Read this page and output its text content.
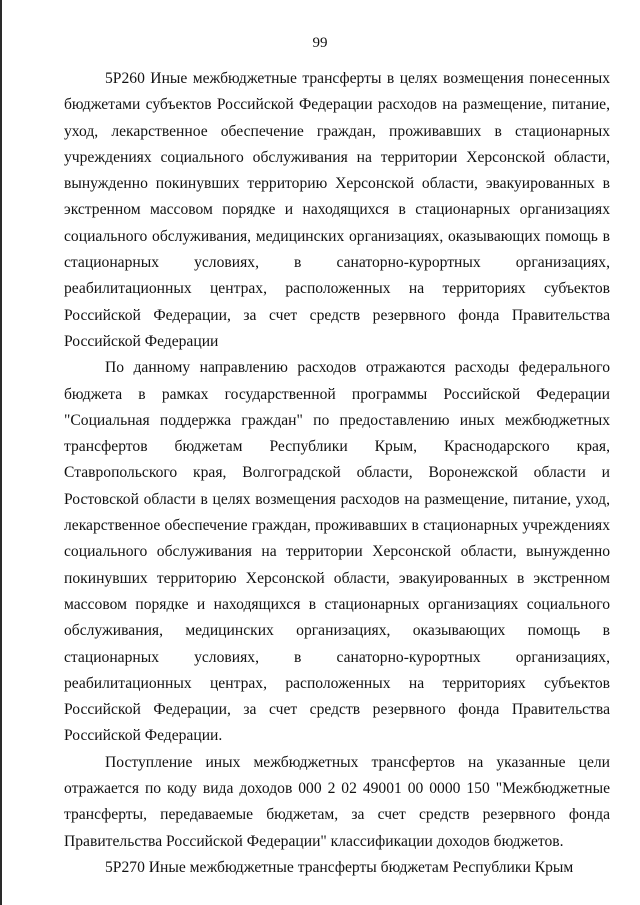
99

5Р260 Иные межбюджетные трансферты в целях возмещения понесенных бюджетами субъектов Российской Федерации расходов на размещение, питание, уход, лекарственное обеспечение граждан, проживавших в стационарных учреждениях социального обслуживания на территории Херсонской области, вынужденно покинувших территорию Херсонской области, эвакуированных в экстренном массовом порядке и находящихся в стационарных организациях социального обслуживания, медицинских организациях, оказывающих помощь в стационарных условиях, в санаторно-курортных организациях, реабилитационных центрах, расположенных на территориях субъектов Российской Федерации, за счет средств резервного фонда Правительства Российской Федерации

По данному направлению расходов отражаются расходы федерального бюджета в рамках государственной программы Российской Федерации "Социальная поддержка граждан" по предоставлению иных межбюджетных трансфертов бюджетам Республики Крым, Краснодарского края, Ставропольского края, Волгоградской области, Воронежской области и Ростовской области в целях возмещения расходов на размещение, питание, уход, лекарственное обеспечение граждан, проживавших в стационарных учреждениях социального обслуживания на территории Херсонской области, вынужденно покинувших территорию Херсонской области, эвакуированных в экстренном массовом порядке и находящихся в стационарных организациях социального обслуживания, медицинских организациях, оказывающих помощь в стационарных условиях, в санаторно-курортных организациях, реабилитационных центрах, расположенных на территориях субъектов Российской Федерации, за счет средств резервного фонда Правительства Российской Федерации.

Поступление иных межбюджетных трансфертов на указанные цели отражается по коду вида доходов 000 2 02 49001 00 0000 150 "Межбюджетные трансферты, передаваемые бюджетам, за счет средств резервного фонда Правительства Российской Федерации" классификации доходов бюджетов.

5Р270 Иные межбюджетные трансферты бюджетам Республики Крым
